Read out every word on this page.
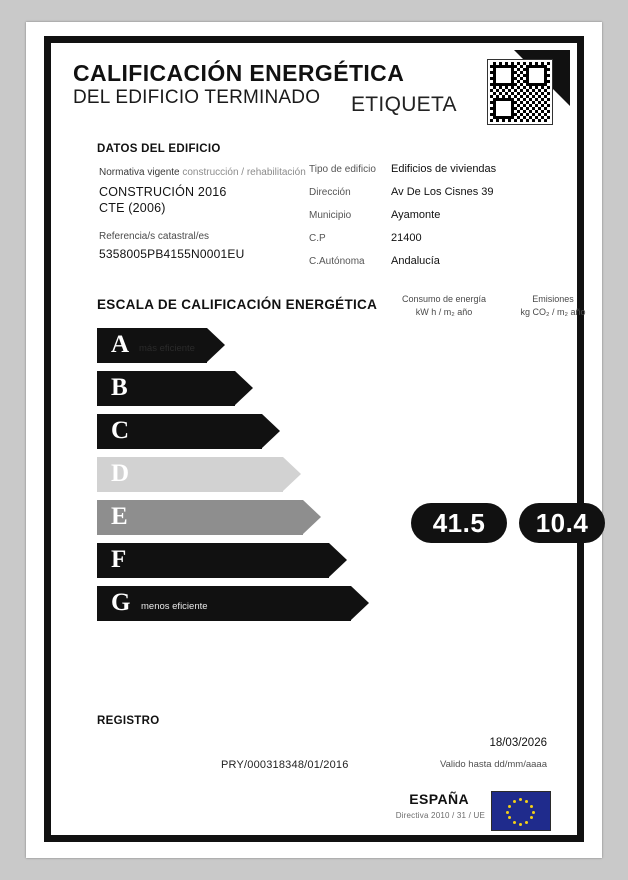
CALIFICACIÓN ENERGÉTICA
DEL EDIFICIO TERMINADO	ETIQUETA
DATOS DEL EDIFICIO
Normativa vigente construcción / rehabilitación
CONSTRUCIÓN 2016
CTE (2006)
Referencia/s catastral/es
5358005PB4155N0001EU
Tipo de edificio	Edificios de viviendas
Dirección	Av De Los Cisnes 39
Municipio	Ayamonte
C.P	21400
C.Autónoma	Andalucía
ESCALA DE CALIFICACIÓN ENERGÉTICA	Consumo de energía
kW h / m₂ año
Emisiones
kg CO₂ / m₂ año
A más eficiente
B
C
D
E
F
G menos eficiente
41.5	10.4
REGISTRO
PRY/000318348/01/2016
18/03/2026
Valido hasta dd/mm/aaaa
ESPAÑA
Directiva 2010 / 31 / UE
